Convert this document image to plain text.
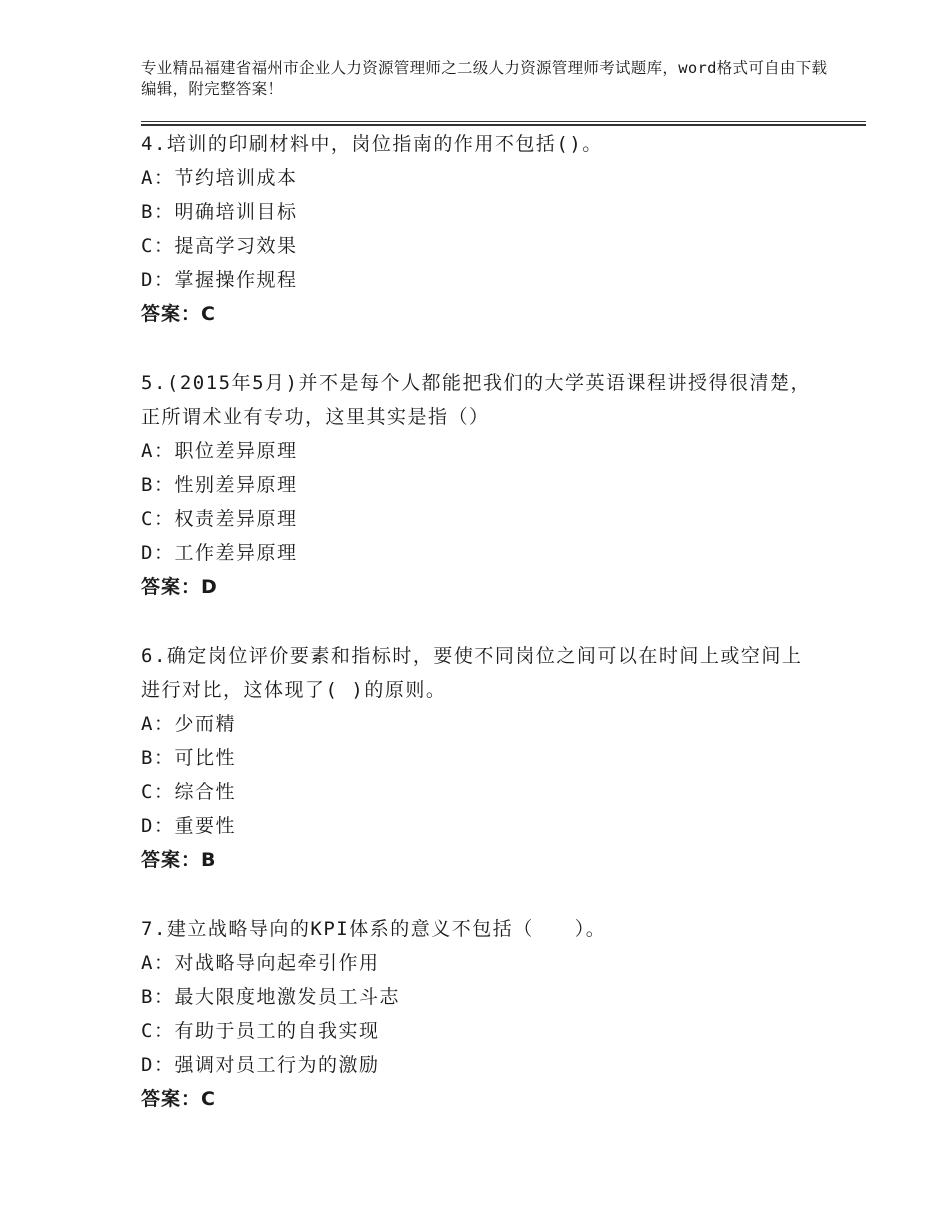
专业精品福建省福州市企业人力资源管理师之二级人力资源管理师考试题库，word格式可自由下载编辑，附完整答案！

4.培训的印刷材料中，岗位指南的作用不包括()。

A：节约培训成本

B：明确培训目标

C：提高学习效果

D：掌握操作规程

答案：C

5.(2015年5月)并不是每个人都能把我们的大学英语课程讲授得很清楚，正所谓术业有专功，这里其实是指（）

A：职位差异原理

B：性别差异原理

C：权责差异原理

D：工作差异原理

答案：D

6.确定岗位评价要素和指标时，要使不同岗位之间可以在时间上或空间上进行对比，这体现了( )的原则。

A：少而精

B：可比性

C：综合性

D：重要性

答案：B

7.建立战略导向的KPI体系的意义不包括（　　）。

A：对战略导向起牵引作用

B：最大限度地激发员工斗志

C：有助于员工的自我实现

D：强调对员工行为的激励

答案：C
